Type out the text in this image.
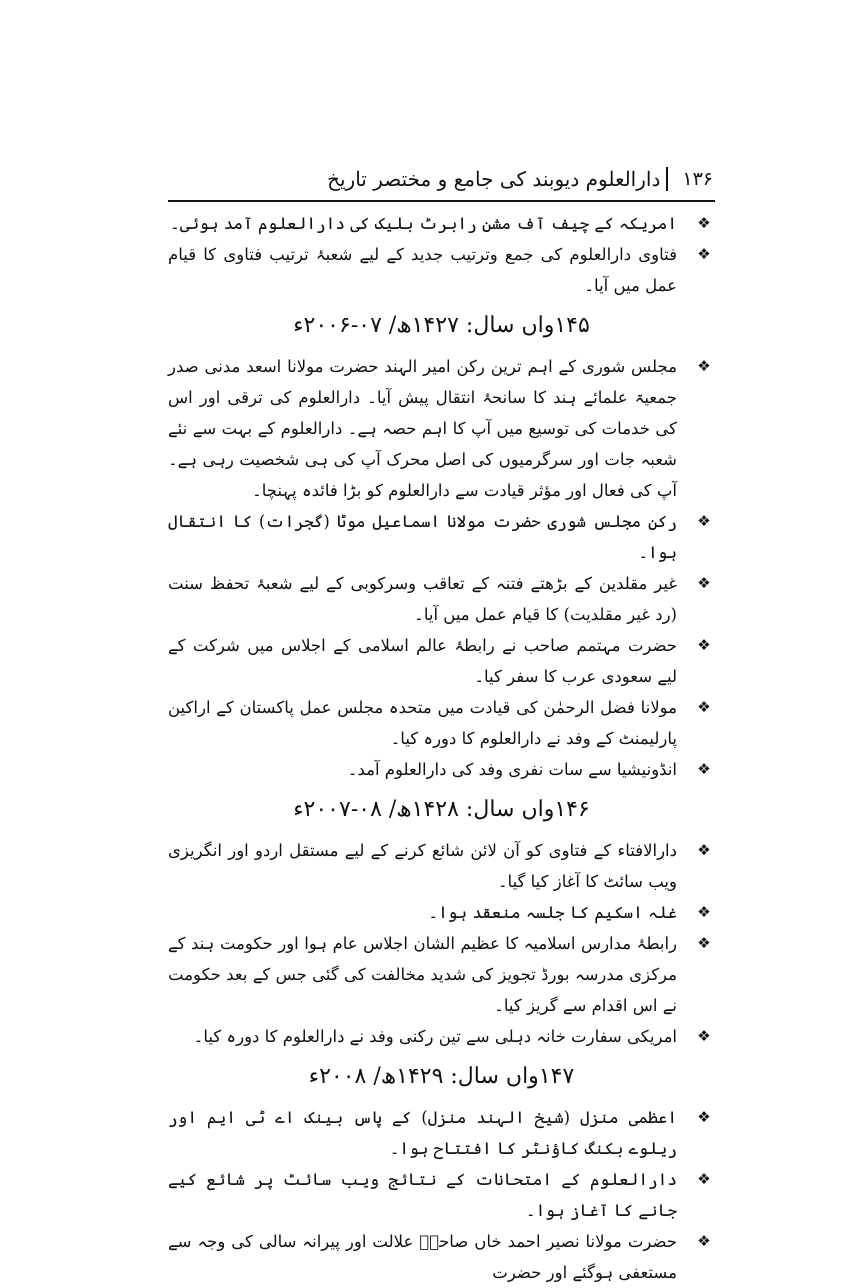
۱۳۶
دارالعلوم دیوبند کی جامع و مختصر تاریخ
❖
امریکہ کے چیف آف مشن رابرٹ بلیک کی دارالعلوم آمد ہوئی۔
❖
فتاوی دارالعلوم کی جمع وترتیب جدید کے لیے شعبۂ ترتیب فتاوی کا قیام عمل میں آیا۔
۱۴۵واں سال: ۱۴۲۷ھ/ ۰۷-۲۰۰۶ء
❖
مجلس شوری کے اہم ترین رکن امیر الہند حضرت مولانا اسعد مدنی صدر جمعیۃ علمائے ہند کا سانحۂ انتقال پیش آیا۔ دارالعلوم کی ترقی اور اس کی خدمات کی توسیع میں آپ کا اہم حصہ ہے۔ دارالعلوم کے بہت سے نئے شعبہ جات اور سرگرمیوں کی اصل محرک آپ کی ہی شخصیت رہی ہے۔ آپ کی فعال اور مؤثر قیادت سے دارالعلوم کو بڑا فائدہ پہنچا۔
❖
رکن مجلس شوری حضرت مولانا اسماعیل موٹا (گجرات) کا انتقال ہوا۔
❖
غیر مقلدین کے بڑھتے فتنہ کے تعاقب وسرکوبی کے لیے شعبۂ تحفظ سنت (رد غیر مقلدیت) کا قیام عمل میں آیا۔
❖
حضرت مہتمم صاحب نے رابطۂ عالم اسلامی کے اجلاس میں شرکت کے لیے سعودی عرب کا سفر کیا۔
❖
مولانا فضل الرحمٰن کی قیادت میں متحدہ مجلس عمل پاکستان کے اراکین پارلیمنٹ کے وفد نے دارالعلوم کا دورہ کیا۔
❖
انڈونیشیا سے سات نفری وفد کی دارالعلوم آمد۔
۱۴۶واں سال: ۱۴۲۸ھ/ ۰۸-۲۰۰۷ء
❖
دارالافتاء کے فتاوی کو آن لائن شائع کرنے کے لیے مستقل اردو اور انگریزی ویب سائٹ کا آغاز کیا گیا۔
❖
غلہ اسکیم کا جلسہ منعقد ہوا۔
❖
رابطۂ مدارس اسلامیہ کا عظیم الشان اجلاس عام ہوا اور حکومت ہند کے مرکزی مدرسہ بورڈ تجویز کی شدید مخالفت کی گئی جس کے بعد حکومت نے اس اقدام سے گریز کیا۔
❖
امریکی سفارت خانہ دہلی سے تین رکنی وفد نے دارالعلوم کا دورہ کیا۔
۱۴۷واں سال: ۱۴۲۹ھ/ ۲۰۰۸ء
❖
اعظمی منزل (شیخ الہند منزل) کے پاس بینک اے ٹی ایم اور ریلوے بکنگ کاؤنٹر کا افتتاح ہوا۔
❖
دارالعلوم کے امتحانات کے نتائج ویب سائٹ پر شائع کیے جانے کا آغاز ہوا۔
❖
حضرت مولانا نصیر احمد خاں صاحبؒ علالت اور پیرانہ سالی کی وجہ سے مستعفی ہوگئے اور حضرت
